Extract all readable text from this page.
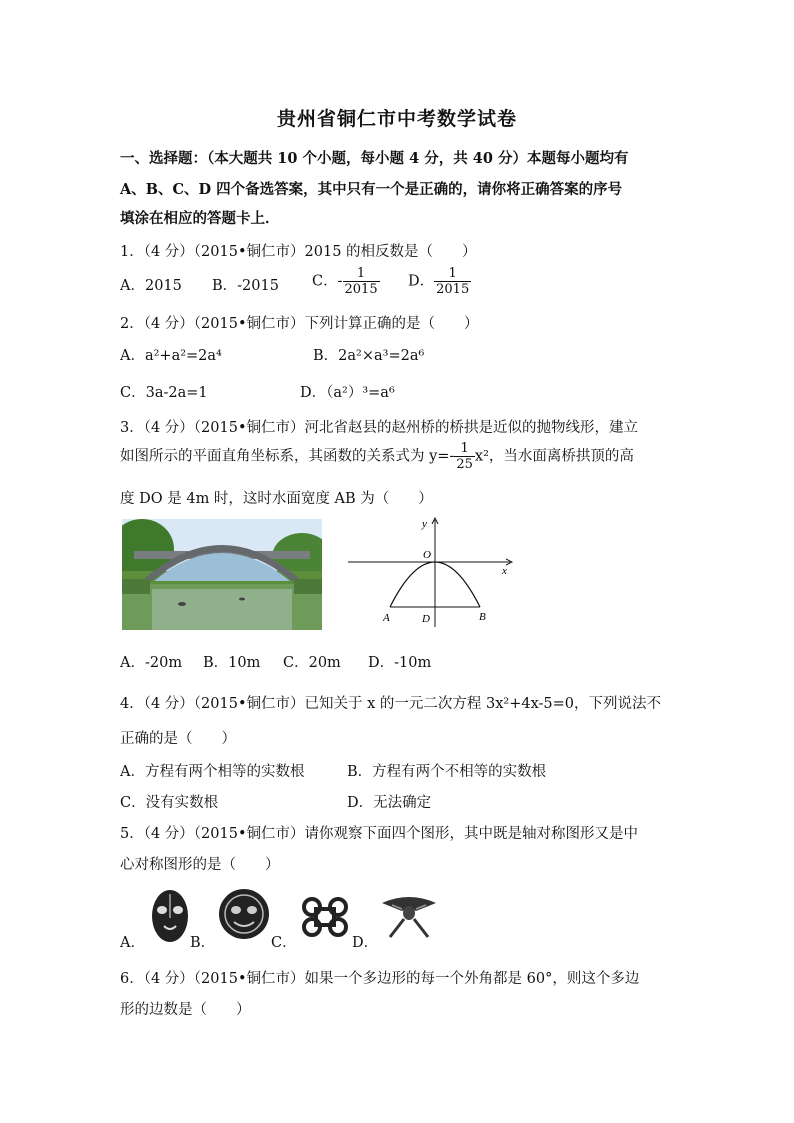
贵州省铜仁市中考数学试卷
一、选择题：（本大题共 10 个小题，每小题 4 分，共 40 分）本题每小题均有
A、B、C、D 四个备选答案，其中只有一个是正确的，请你将正确答案的序号
填涂在相应的答题卡上．
1．（4 分）（2015•铜仁市）2015 的相反数是（　　）
A．2015 B．-2015 C．- $\frac{1}{2015}$ D． $\frac{1}{2015}$
2．（4 分）（2015•铜仁市）下列计算正确的是（　　）
A．a²+a²=2a⁴	B．2a²×a³=2a⁶
C．3a-2a=1	D．（a²）³=a⁶
3．（4 分）（2015•铜仁市）河北省赵县的赵州桥的桥拱是近似的抛物线形，建立
如图所示的平面直角坐标系，其函数的关系式为 $y=- \frac{1}{25} x^2$，当水面离桥拱顶的高
度 DO 是 4m 时，这时水面宽度 AB 为（　　）
y
x
O
A	D	B
A．-20m B．10m C．20m D．-10m
4．（4 分）（2015•铜仁市）已知关于 x 的一元二次方程 3x²+4x-5=0，下列说法不
正确的是（　　）
A．方程有两个相等的实数根	B．方程有两个不相等的实数根
C．没有实数根	D．无法确定
5．（4 分）（2015•铜仁市）请你观察下面四个图形，其中既是轴对称图形又是中
心对称图形的是（　　）
A．	B．	C．	D．
6．（4 分）（2015•铜仁市）如果一个多边形的每一个外角都是 60°，则这个多边
形的边数是（　　）
